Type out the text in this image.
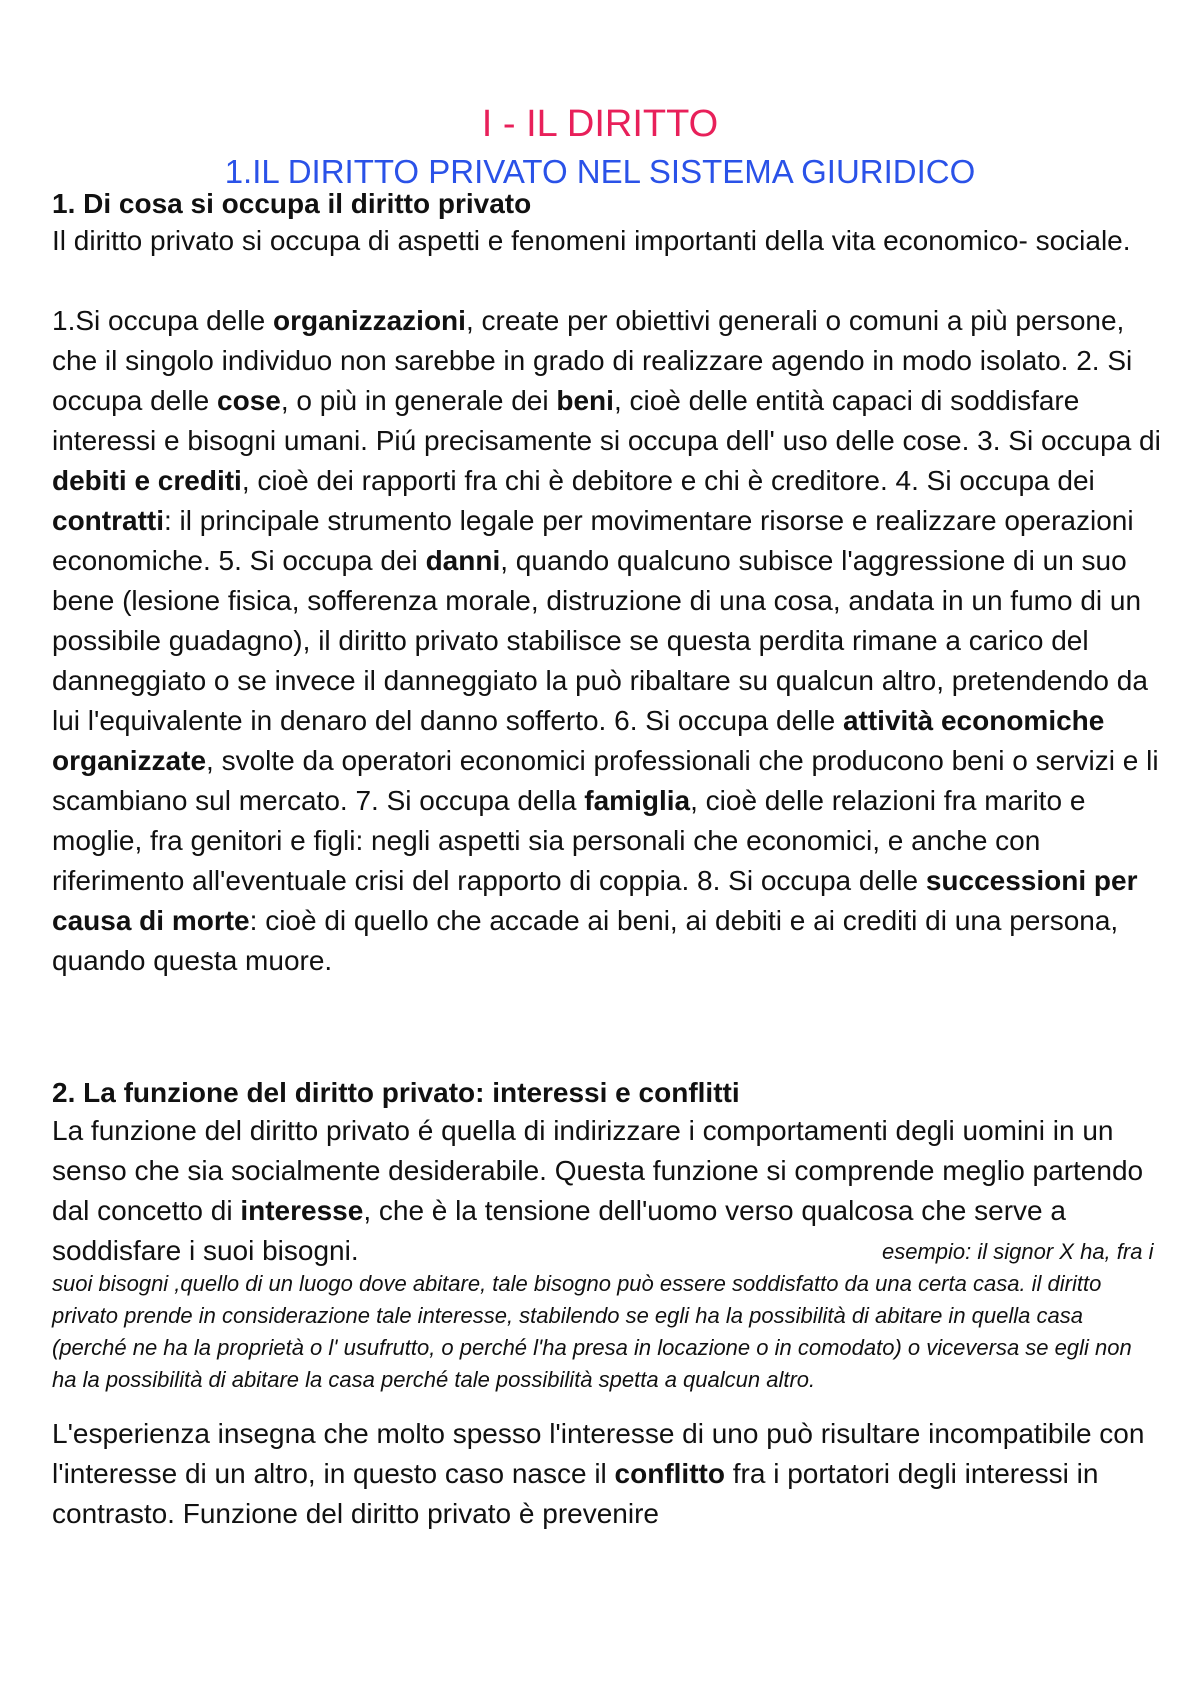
I - IL DIRITTO
1.IL DIRITTO PRIVATO NEL SISTEMA GIURIDICO
1. Di cosa si occupa il diritto privato

Il diritto privato si occupa di aspetti e fenomeni importanti della vita economico- sociale.

1.Si occupa delle organizzazioni, create per obiettivi generali o comuni a più persone, che il singolo individuo non sarebbe in grado di realizzare agendo in modo isolato. 2. Si occupa delle cose, o più in generale dei beni, cioè delle entità capaci di soddisfare interessi e bisogni umani. Piú precisamente si occupa dell' uso delle cose. 3. Si occupa di debiti e crediti, cioè dei rapporti fra chi è debitore e chi è creditore. 4. Si occupa dei contratti: il principale strumento legale per movimentare risorse e realizzare operazioni economiche. 5. Si occupa dei danni, quando qualcuno subisce l'aggressione di un suo bene (lesione fisica, sofferenza morale, distruzione di una cosa, andata in un fumo di un possibile guadagno), il diritto privato stabilisce se questa perdita rimane a carico del danneggiato o se invece il danneggiato la può ribaltare su qualcun altro, pretendendo da lui l'equivalente in denaro del danno sofferto. 6. Si occupa delle attività economiche organizzate, svolte da operatori economici professionali che producono beni o servizi e li scambiano sul mercato. 7. Si occupa della famiglia, cioè delle relazioni fra marito e moglie, fra genitori e figli: negli aspetti sia personali che economici, e anche con riferimento all'eventuale crisi del rapporto di coppia. 8. Si occupa delle successioni per causa di morte: cioè di quello che accade ai beni, ai debiti e ai crediti di una persona, quando questa muore.

2. La funzione del diritto privato: interessi e conflitti

La funzione del diritto privato é quella di indirizzare i comportamenti degli uomini in un senso che sia socialmente desiderabile. Questa funzione si comprende meglio partendo dal concetto di interesse, che è la tensione dell'uomo verso qualcosa che serve a soddisfare i suoi bisogni.	esempio: il signor X ha, fra i suoi bisogni ,quello di un luogo dove abitare, tale bisogno può essere soddisfatto da una certa casa. il diritto privato prende in considerazione tale interesse, stabilendo se egli ha la possibilità di abitare in quella casa (perché ne ha la proprietà o l' usufrutto, o perché l'ha presa in locazione o in comodato) o viceversa se egli non ha la possibilità di abitare la casa perché tale possibilità spetta a qualcun altro.

L'esperienza insegna che molto spesso l'interesse di uno può risultare incompatibile con l'interesse di un altro, in questo caso nasce il conflitto fra i portatori degli interessi in contrasto. Funzione del diritto privato è prevenire
